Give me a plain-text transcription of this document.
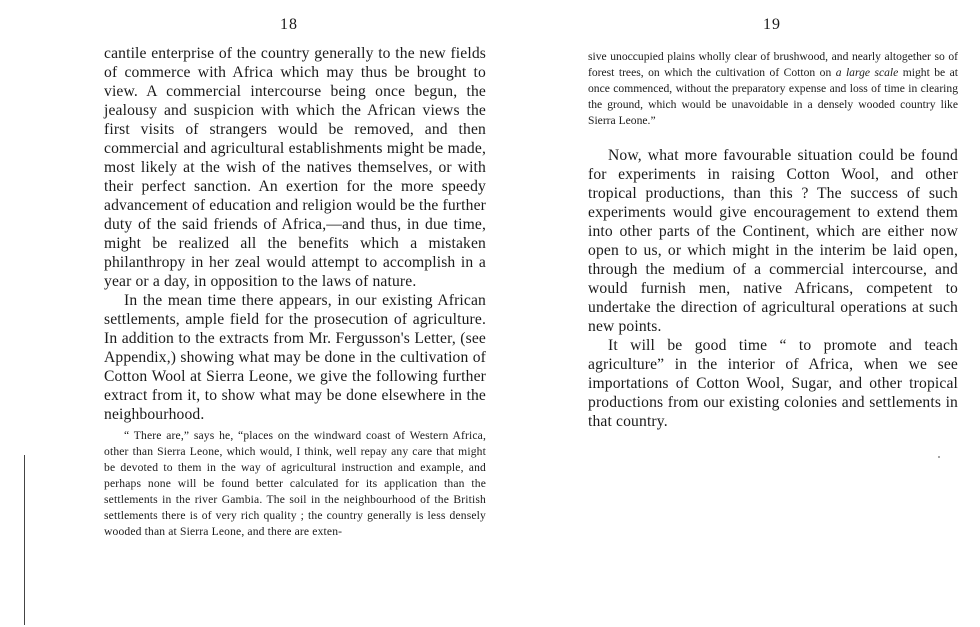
18

cantile enterprise of the country generally to the new fields of commerce with Africa which may thus be brought to view. A commercial intercourse being once begun, the jealousy and suspicion with which the African views the first visits of strangers would be removed, and then commercial and agricultural establishments might be made, most likely at the wish of the natives themselves, or with their perfect sanction. An exertion for the more speedy advancement of education and religion would be the further duty of the said friends of Africa,—and thus, in due time, might be realized all the benefits which a mistaken philanthropy in her zeal would attempt to accomplish in a year or a day, in opposition to the laws of nature.

In the mean time there appears, in our existing African settlements, ample field for the prosecution of agriculture. In addition to the extracts from Mr. Fergusson's Letter, (see Appendix,) showing what may be done in the cultivation of Cotton Wool at Sierra Leone, we give the following further extract from it, to show what may be done elsewhere in the neighbourhood.

“ There are,” says he, “places on the windward coast of Western Africa, other than Sierra Leone, which would, I think, well repay any care that might be devoted to them in the way of agricultural instruction and example, and perhaps none will be found better calculated for its application than the settlements in the river Gambia. The soil in the neighbourhood of the British settlements there is of very rich quality ; the country generally is less densely wooded than at Sierra Leone, and there are exten-

19
sive unoccupied plains wholly clear of brushwood, and nearly altogether so of forest trees, on which the cultivation of Cotton on a large scale might be at once commenced, without the preparatory expense and loss of time in clearing the ground, which would be unavoidable in a densely wooded country like Sierra Leone.”

Now, what more favourable situation could be found for experiments in raising Cotton Wool, and other tropical productions, than this ? The success of such experiments would give encouragement to extend them into other parts of the Continent, which are either now open to us, or which might in the interim be laid open, through the medium of a commercial intercourse, and would furnish men, native Africans, competent to undertake the direction of agricultural operations at such new points.

It will be good time “ to promote and teach agriculture” in the interior of Africa, when we see importations of Cotton Wool, Sugar, and other tropical productions from our existing colonies and settlements in that country.
